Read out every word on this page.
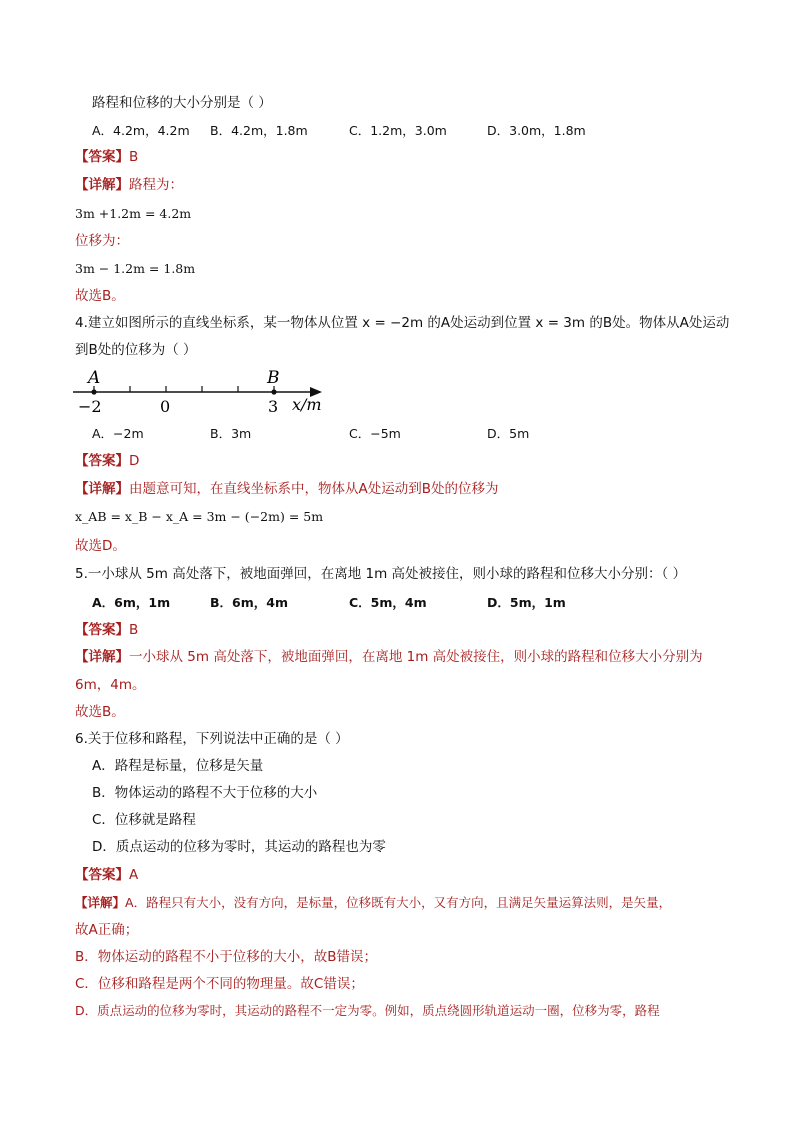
路程和位移的大小分别是（ ）
A．4.2m，4.2m B．4.2m，1.8m	C．1.2m，3.0m	D．3.0m，1.8m
【答案】B
【详解】路程为：
3m +1.2m = 4.2m
位移为：
3m − 1.2m = 1.8m
故选B。
4.建立如图所示的直线坐标系，某一物体从位置 x = −2m 的A处运动到位置 x = 3m 的B处。物体从A处运动
到B处的位移为（ ）
A	B
−2	0	3 x/m
A．−2m	B．3m	C．−5m	D．5m
【答案】D
【详解】由题意可知，在直线坐标系中，物体从A处运动到B处的位移为
x_AB = x_B − x_A = 3m − (−2m) = 5m
故选D。
5.一小球从 5m 高处落下，被地面弹回，在离地 1m 高处被接住，则小球的路程和位移大小分别：（ ）
A．6m，1m	B．6m，4m	C．5m，4m	D．5m，1m
【答案】B
【详解】一小球从 5m 高处落下，被地面弹回，在离地 1m 高处被接住，则小球的路程和位移大小分别为
6m，4m。
故选B。
6.关于位移和路程，下列说法中正确的是（ ）
A．路程是标量，位移是矢量
B．物体运动的路程不大于位移的大小
C．位移就是路程
D．质点运动的位移为零时，其运动的路程也为零
【答案】A
【详解】A．路程只有大小，没有方向，是标量，位移既有大小，又有方向，且满足矢量运算法则，是矢量，
故A正确；
B．物体运动的路程不小于位移的大小，故B错误；
C．位移和路程是两个不同的物理量。故C错误；
D．质点运动的位移为零时，其运动的路程不一定为零。例如，质点绕圆形轨道运动一圈，位移为零，路程
